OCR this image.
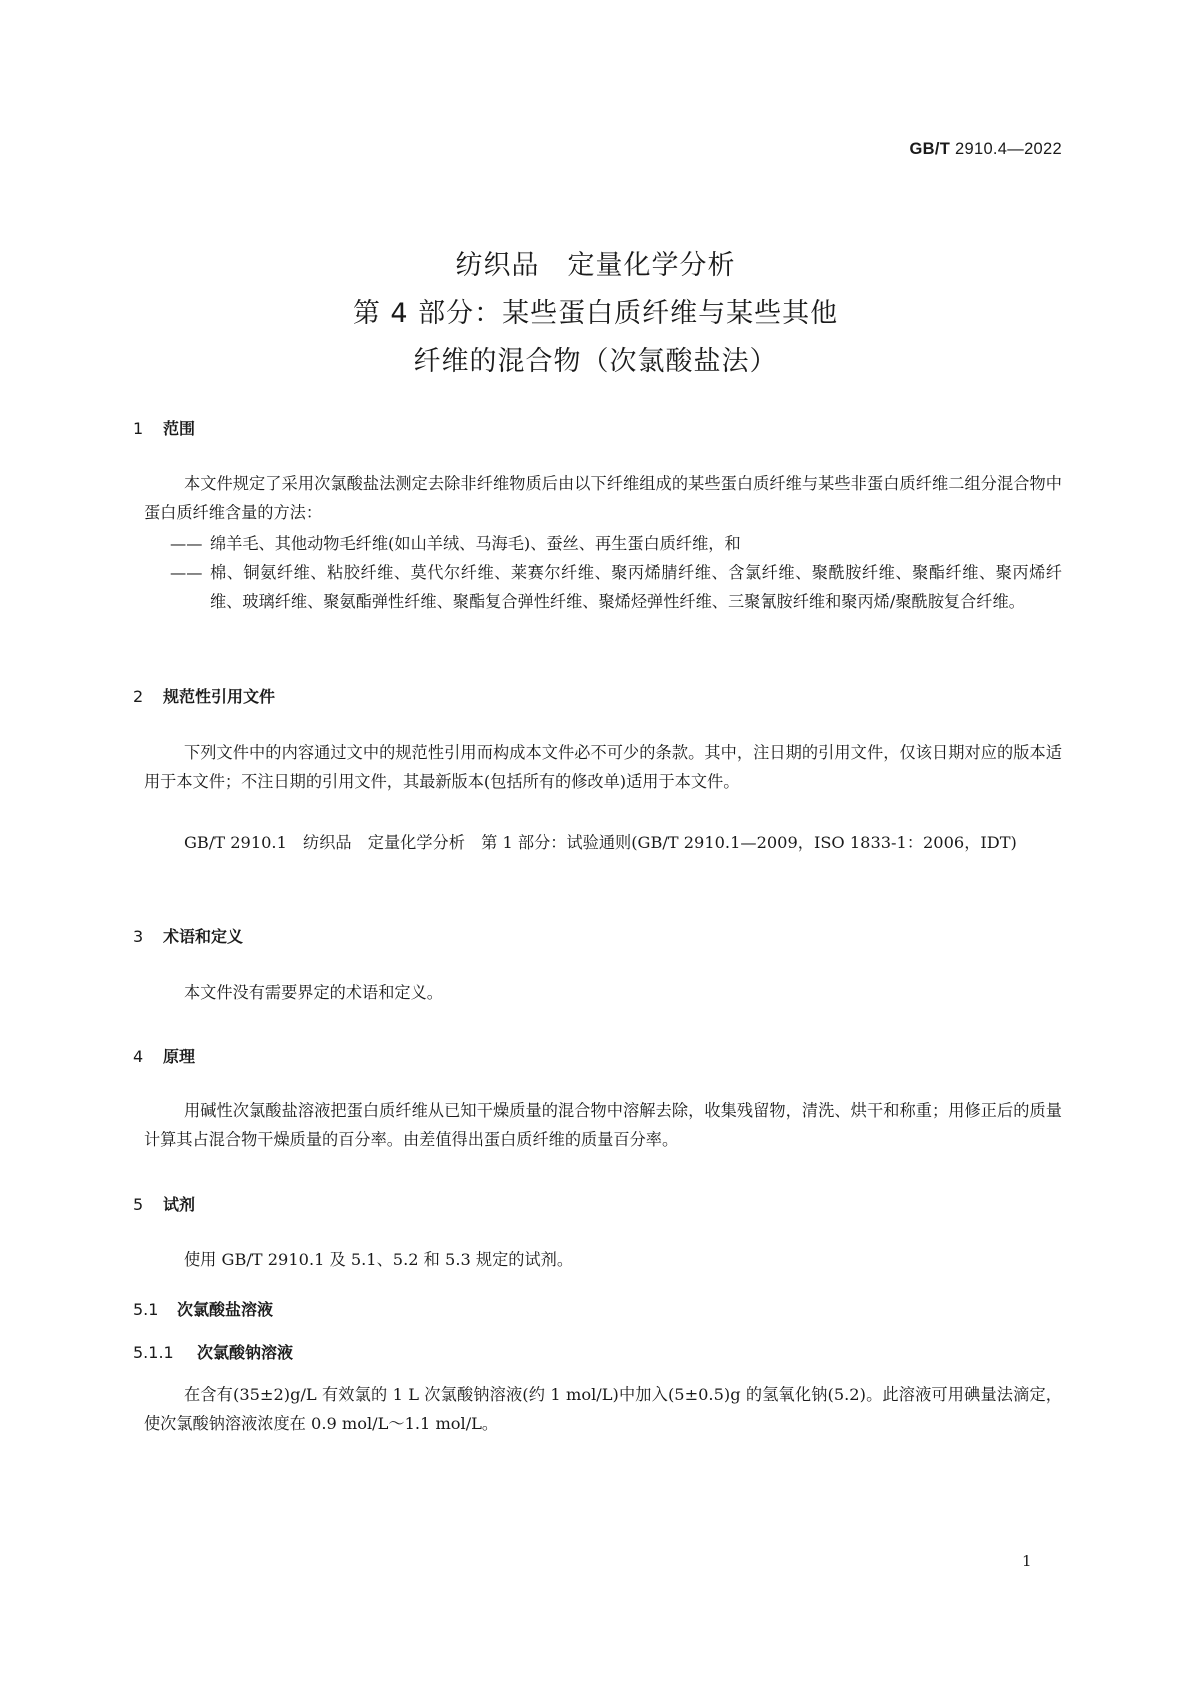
GB/T 2910.4—2022
纺织品　定量化学分析
第 4 部分：某些蛋白质纤维与某些其他
纤维的混合物（次氯酸盐法）
1 范围
本文件规定了采用次氯酸盐法测定去除非纤维物质后由以下纤维组成的某些蛋白质纤维与某些非蛋白质纤维二组分混合物中蛋白质纤维含量的方法：
—— 绵羊毛、其他动物毛纤维(如山羊绒、马海毛)、蚕丝、再生蛋白质纤维，和
—— 棉、铜氨纤维、粘胶纤维、莫代尔纤维、莱赛尔纤维、聚丙烯腈纤维、含氯纤维、聚酰胺纤维、聚酯纤维、聚丙烯纤维、玻璃纤维、聚氨酯弹性纤维、聚酯复合弹性纤维、聚烯烃弹性纤维、三聚氰胺纤维和聚丙烯/聚酰胺复合纤维。
2 规范性引用文件
下列文件中的内容通过文中的规范性引用而构成本文件必不可少的条款。其中，注日期的引用文件，仅该日期对应的版本适用于本文件；不注日期的引用文件，其最新版本(包括所有的修改单)适用于本文件。
GB/T 2910.1　纺织品　定量化学分析　第 1 部分：试验通则(GB/T 2910.1—2009，ISO 1833-1：2006，IDT)
3 术语和定义
本文件没有需要界定的术语和定义。
4 原理
用碱性次氯酸盐溶液把蛋白质纤维从已知干燥质量的混合物中溶解去除，收集残留物，清洗、烘干和称重；用修正后的质量计算其占混合物干燥质量的百分率。由差值得出蛋白质纤维的质量百分率。
5 试剂
使用 GB/T 2910.1 及 5.1、5.2 和 5.3 规定的试剂。
5.1 次氯酸盐溶液
5.1.1 次氯酸钠溶液
在含有(35±2)g/L 有效氯的 1 L 次氯酸钠溶液(约 1 mol/L)中加入(5±0.5)g 的氢氧化钠(5.2)。此溶液可用碘量法滴定，使次氯酸钠溶液浓度在 0.9 mol/L～1.1 mol/L。
1
